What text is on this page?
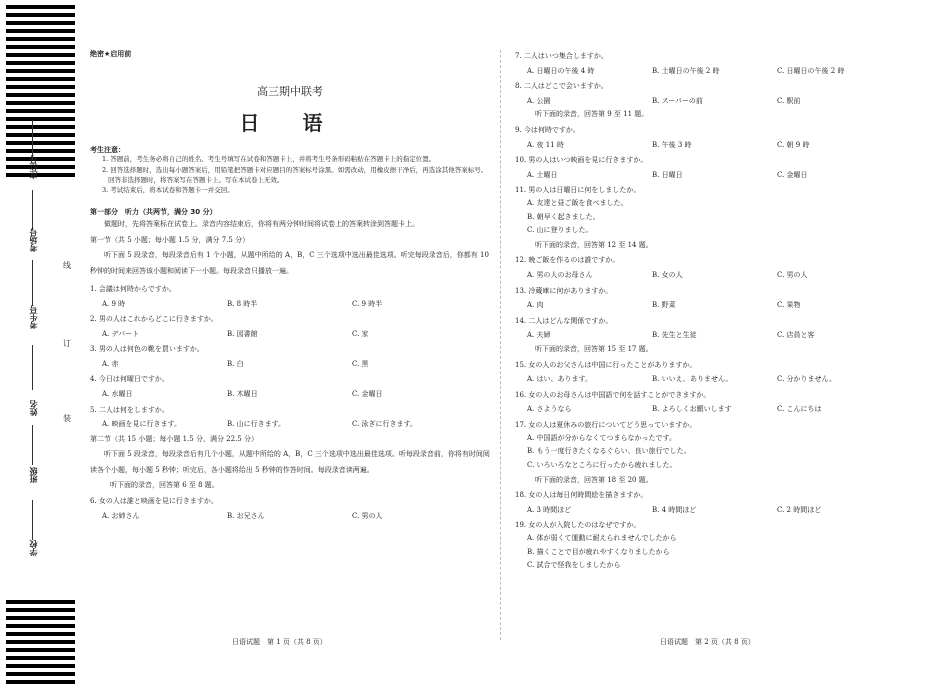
座位号
考场号
考生号
姓名
班级
学校
线
订
装
绝密★启用前
高三期中联考
日 语
考生注意：
1. 答题前，考生务必将自己的姓名、考生号填写在试卷和答题卡上，并将考生号条形码粘贴在答题卡上的指定位置。
2. 回答选择题时，选出每小题答案后，用铅笔把答题卡对应题目的答案标号涂黑。如需改动，用橡皮擦干净后，再选涂其他答案标号。回答非选择题时，将答案写在答题卡上。写在本试卷上无效。
3. 考试结束后，将本试卷和答题卡一并交回。
第一部分　听力（共两节，满分 30 分）
做题时，先将答案标在试卷上。录音内容结束后，你将有两分钟时间将试卷上的答案转涂到答题卡上。
第一节（共 5 小题；每小题 1.5 分，满分 7.5 分）
听下面 5 段录音，每段录音后有 1 个小题，从题中所给的 A，B，C 三个选项中选出最佳选项。听完每段录音后，你都有 10 秒钟的时间来回答该小题和阅读下一小题。每段录音只播放一遍。
1. 会議は何時からですか。
A. 9 時	B. 8 時半	C. 9 時半
2. 男の人はこれからどこに行きますか。
A. デパート	B. 図書館	C. 家
3. 男の人は何色の靴を買いますか。
A. 赤	B. 白	C. 黒
4. 今日は何曜日ですか。
A. 水曜日	B. 木曜日	C. 金曜日
5. 二人は何をしますか。
A. 映画を見に行きます。	B. 山に行きます。	C. 泳ぎに行きます。
第二节（共 15 小题；每小题 1.5 分，满分 22.5 分）
听下面 5 段录音，每段录音后有几个小题，从题中所给的 A，B，C 三个选项中选出最佳选项。听每段录音前，你将有时间阅读各个小题，每小题 5 秒钟；听完后，各小题将给出 5 秒钟的作答时间。每段录音读两遍。
听下面的录音，回答第 6 至 8 题。
6. 女の人は誰と映画を見に行きますか。
A. お姉さん	B. お兄さん	C. 男の人
7. 二人はいつ集合しますか。
A. 日曜日の午後 4 時	B. 土曜日の午後 2 時	C. 日曜日の午後 2 時
8. 二人はどこで会いますか。
A. 公園	B. スーパーの前	C. 駅前
听下面的录音，回答第 9 至 11 题。
9. 今は何時ですか。
A. 夜 11 時	B. 午後 3 時	C. 朝 9 時
10. 男の人はいつ映画を見に行きますか。
A. 土曜日	B. 日曜日	C. 金曜日
11. 男の人は日曜日に何をしましたか。
A. 友達と昼ご飯を食べました。
B. 朝早く起きました。
C. 山に登りました。
听下面的录音，回答第 12 至 14 题。
12. 晩ご飯を作るのは誰ですか。
A. 男の人のお母さん	B. 女の人	C. 男の人
13. 冷蔵庫に何がありますか。
A. 肉	B. 野菜	C. 果物
14. 二人はどんな関係ですか。
A. 夫婦	B. 先生と生徒	C. 店員と客
听下面的录音，回答第 15 至 17 题。
15. 女の人のお父さんは中国に行ったことがありますか。
A. はい、あります。	B. いいえ、ありません。	C. 分かりません。
16. 女の人のお母さんは中国語で何を話すことができますか。
A. さようなら	B. よろしくお願いします	C. こんにちは
17. 女の人は夏休みの旅行についてどう思っていますか。
A. 中国語が分からなくてつまらなかったです。
B. もう一度行きたくなるぐらい、良い旅行でした。
C. いろいろなところに行ったから疲れました。
听下面的录音，回答第 18 至 20 题。
18. 女の人は毎日何時間絵を描きますか。
A. 3 時間ほど	B. 4 時間ほど	C. 2 時間ほど
19. 女の人が入院したのはなぜですか。
A. 体が弱くて運動に耐えられませんでしたから
B. 描くことで目が疲れやすくなりましたから
C. 試合で怪我をしましたから
日语试题　第 1 页（共 8 页）	日语试题　第 2 页（共 8 页）
